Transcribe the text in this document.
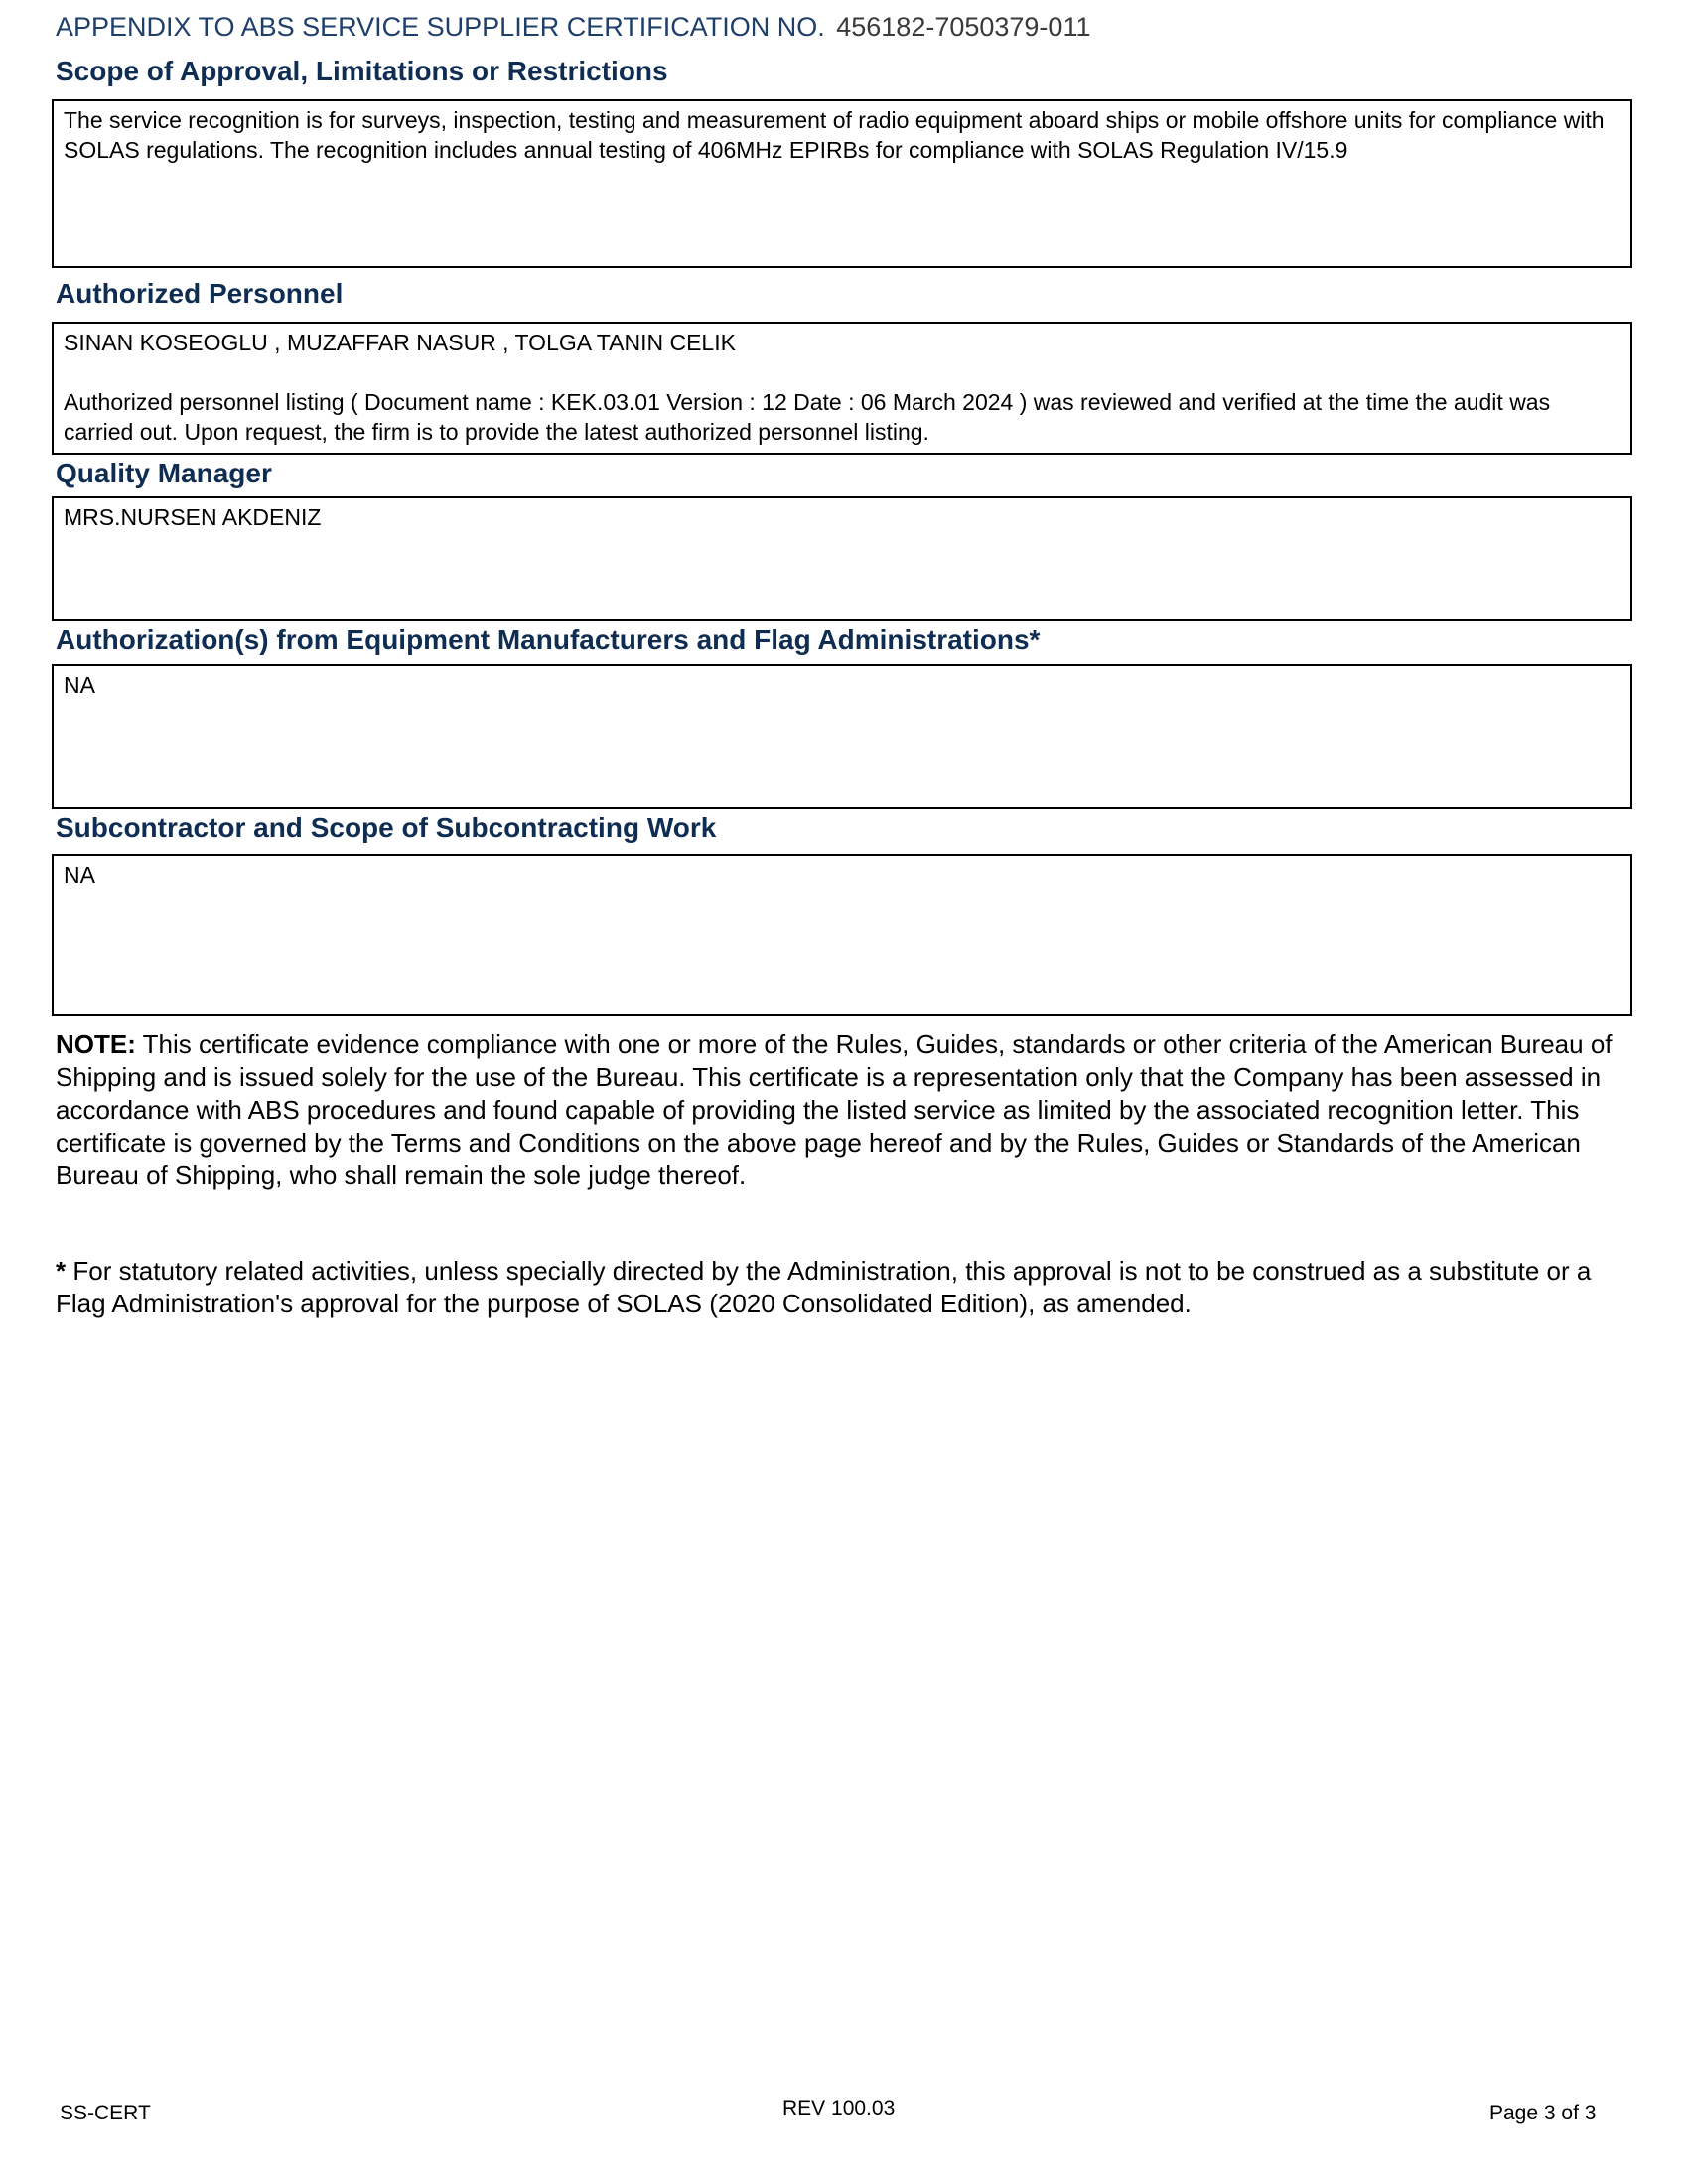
APPENDIX TO ABS SERVICE SUPPLIER CERTIFICATION NO. 456182-7050379-011
Scope of Approval, Limitations or Restrictions

The service recognition is for surveys, inspection, testing and measurement of radio equipment aboard ships or mobile offshore units for compliance with SOLAS regulations. The recognition includes annual testing of 406MHz EPIRBs for compliance with SOLAS Regulation IV/15.9

Authorized Personnel

SINAN KOSEOGLU , MUZAFFAR NASUR , TOLGA TANIN CELIK

Authorized personnel listing ( Document name : KEK.03.01 Version : 12 Date : 06 March 2024 ) was reviewed and verified at the time the audit was carried out. Upon request, the firm is to provide the latest authorized personnel listing.

Quality Manager

MRS.NURSEN AKDENIZ

Authorization(s) from Equipment Manufacturers and Flag Administrations*

NA

Subcontractor and Scope of Subcontracting Work

NA

NOTE: This certificate evidence compliance with one or more of the Rules, Guides, standards or other criteria of the American Bureau of Shipping and is issued solely for the use of the Bureau. This certificate is a representation only that the Company has been assessed in accordance with ABS procedures and found capable of providing the listed service as limited by the associated recognition letter. This certificate is governed by the Terms and Conditions on the above page hereof and by the Rules, Guides or Standards of the American Bureau of Shipping, who shall remain the sole judge thereof.
* For statutory related activities, unless specially directed by the Administration, this approval is not to be construed as a substitute or a Flag Administration's approval for the purpose of SOLAS (2020 Consolidated Edition), as amended.
SS-CERT	REV 100.03	Page 3 of 3
